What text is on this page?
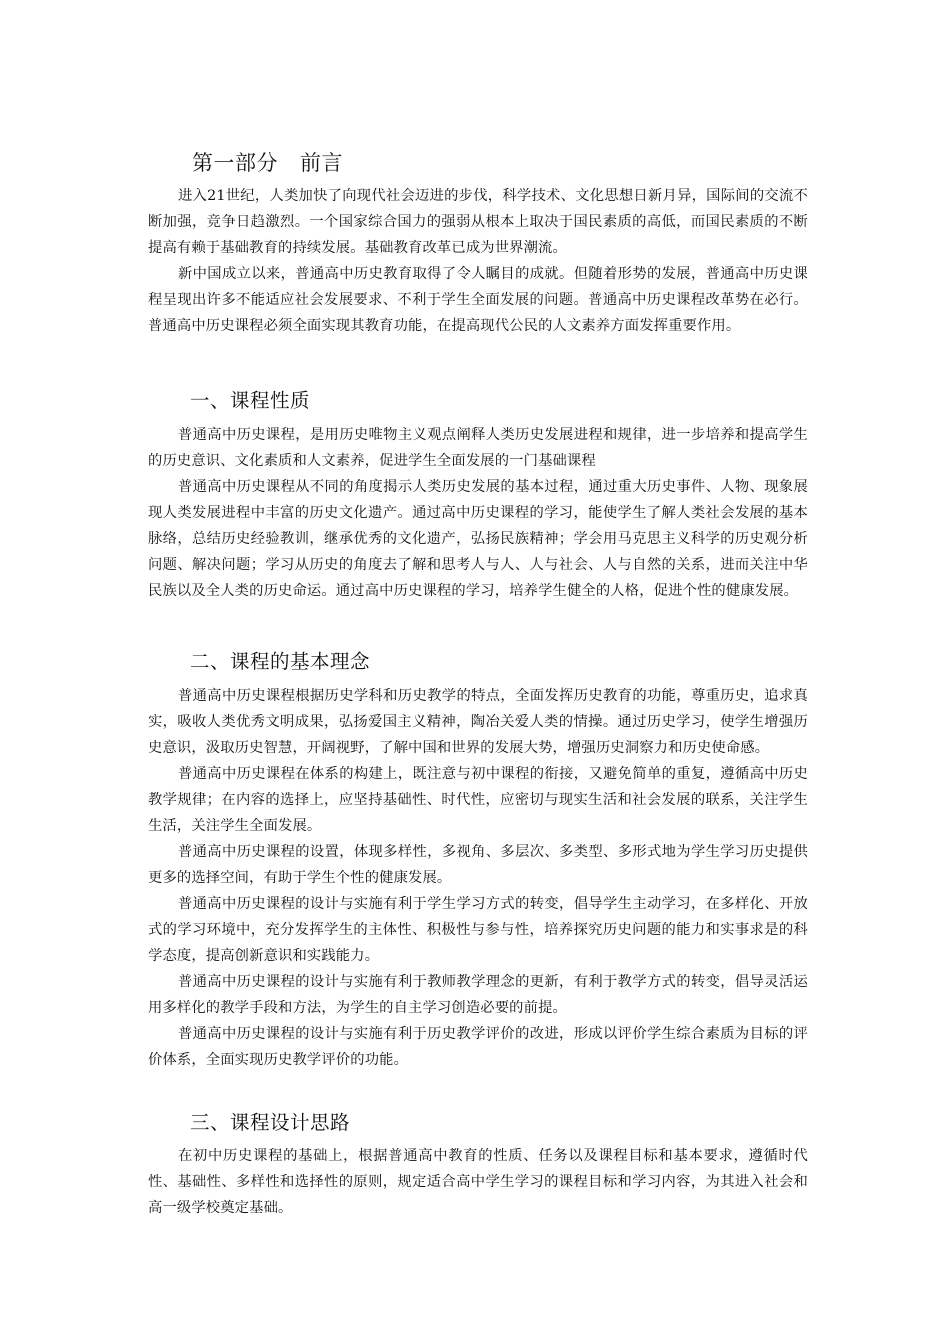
第一部分 前言

进入21世纪，人类加快了向现代社会迈进的步伐，科学技术、文化思想日新月异，国际间的交流不断加强，竞争日趋激烈。一个国家综合国力的强弱从根本上取决于国民素质的高低，而国民素质的不断提高有赖于基础教育的持续发展。基础教育改革已成为世界潮流。

新中国成立以来，普通高中历史教育取得了令人瞩目的成就。但随着形势的发展，普通高中历史课程呈现出许多不能适应社会发展要求、不利于学生全面发展的问题。普通高中历史课程改革势在必行。普通高中历史课程必须全面实现其教育功能，在提高现代公民的人文素养方面发挥重要作用。

一、课程性质

普通高中历史课程，是用历史唯物主义观点阐释人类历史发展进程和规律，进一步培养和提高学生的历史意识、文化素质和人文素养，促进学生全面发展的一门基础课程

普通高中历史课程从不同的角度揭示人类历史发展的基本过程，通过重大历史事件、人物、现象展现人类发展进程中丰富的历史文化遗产。通过高中历史课程的学习，能使学生了解人类社会发展的基本脉络，总结历史经验教训，继承优秀的文化遗产，弘扬民族精神；学会用马克思主义科学的历史观分析问题、解决问题；学习从历史的角度去了解和思考人与人、人与社会、人与自然的关系，进而关注中华民族以及全人类的历史命运。通过高中历史课程的学习，培养学生健全的人格，促进个性的健康发展。

二、课程的基本理念

普通高中历史课程根据历史学科和历史教学的特点，全面发挥历史教育的功能，尊重历史，追求真实，吸收人类优秀文明成果，弘扬爱国主义精神，陶冶关爱人类的情操。通过历史学习，使学生增强历史意识，汲取历史智慧，开阔视野，了解中国和世界的发展大势，增强历史洞察力和历史使命感。

普通高中历史课程在体系的构建上，既注意与初中课程的衔接，又避免简单的重复，遵循高中历史教学规律；在内容的选择上，应坚持基础性、时代性，应密切与现实生活和社会发展的联系，关注学生生活，关注学生全面发展。

普通高中历史课程的设置，体现多样性，多视角、多层次、多类型、多形式地为学生学习历史提供更多的选择空间，有助于学生个性的健康发展。

普通高中历史课程的设计与实施有利于学生学习方式的转变，倡导学生主动学习，在多样化、开放式的学习环境中，充分发挥学生的主体性、积极性与参与性，培养探究历史问题的能力和实事求是的科学态度，提高创新意识和实践能力。

普通高中历史课程的设计与实施有利于教师教学理念的更新，有利于教学方式的转变，倡导灵活运用多样化的教学手段和方法，为学生的自主学习创造必要的前提。

普通高中历史课程的设计与实施有利于历史教学评价的改进，形成以评价学生综合素质为目标的评价体系，全面实现历史教学评价的功能。

三、课程设计思路

在初中历史课程的基础上，根据普通高中教育的性质、任务以及课程目标和基本要求，遵循时代性、基础性、多样性和选择性的原则，规定适合高中学生学习的课程目标和学习内容，为其进入社会和高一级学校奠定基础。
